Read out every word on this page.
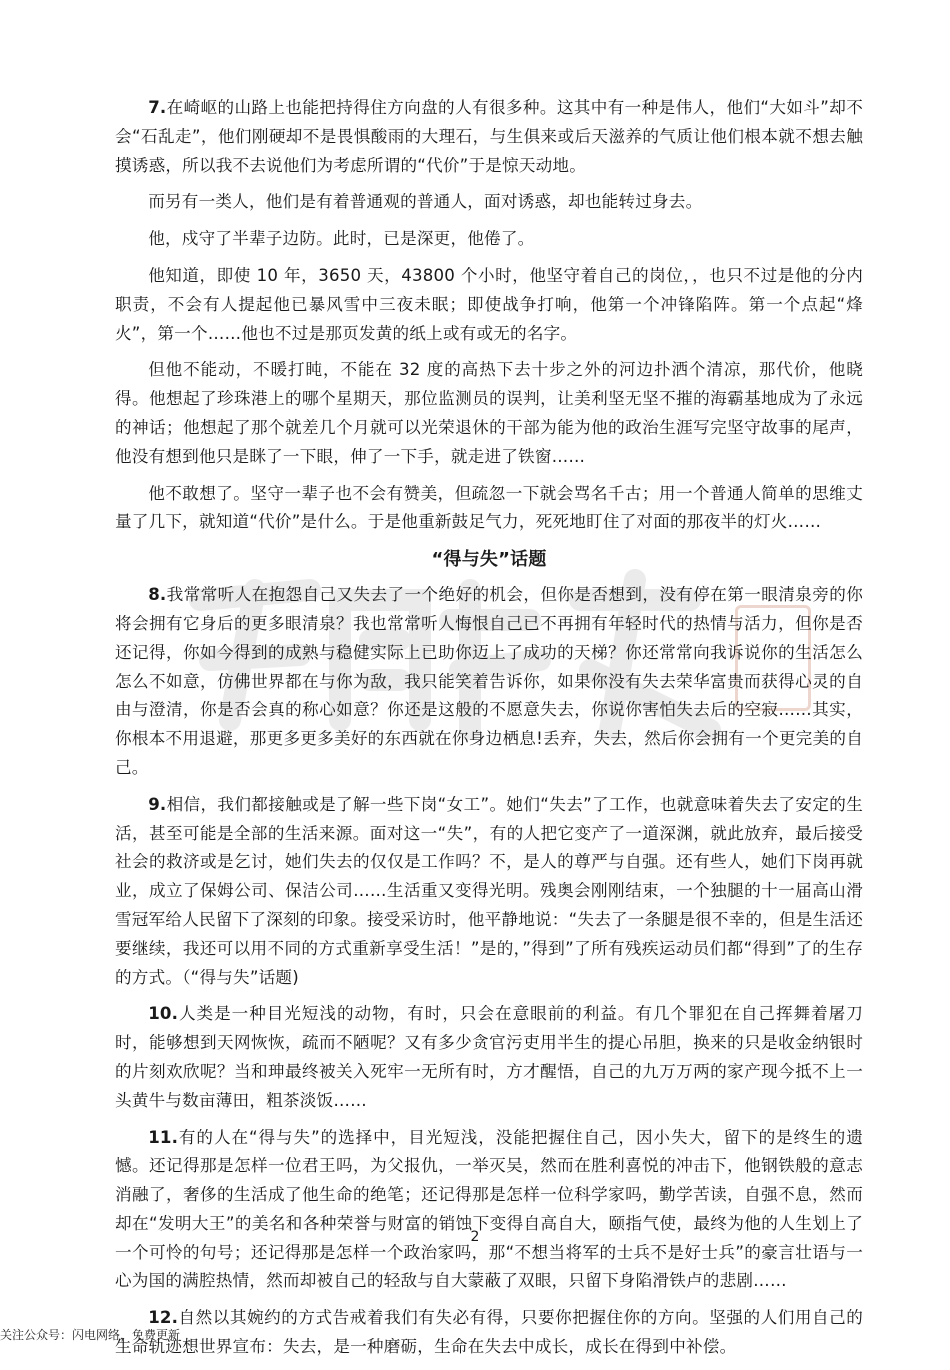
7.在崎岖的山路上也能把持得住方向盘的人有很多种。这其中有一种是伟人，他们“大如斗”却不会“石乱走”，他们刚硬却不是畏惧酸雨的大理石，与生俱来或后天滋养的气质让他们根本就不想去触摸诱惑，所以我不去说他们为考虑所谓的“代价”于是惊天动地。

而另有一类人，他们是有着普通观的普通人，面对诱惑，却也能转过身去。

他，戍守了半辈子边防。此时，已是深更，他倦了。

他知道，即使 10 年，3650 天，43800 个小时，他坚守着自己的岗位，，也只不过是他的分内职责，不会有人提起他已暴风雪中三夜未眠；即使战争打响，他第一个冲锋陷阵。第一个点起“烽火”，第一个……他也不过是那页发黄的纸上或有或无的名字。

但他不能动，不暖打盹，不能在 32 度的高热下去十步之外的河边扑洒个清凉，那代价，他晓得。他想起了珍珠港上的哪个星期天，那位监测员的误判，让美利坚无坚不摧的海霸基地成为了永远的神话；他想起了那个就差几个月就可以光荣退休的干部为能为他的政治生涯写完坚守故事的尾声，他没有想到他只是眯了一下眼，伸了一下手，就走进了铁窗……

他不敢想了。坚守一辈子也不会有赞美，但疏忽一下就会骂名千古；用一个普通人简单的思维丈量了几下，就知道“代价”是什么。于是他重新鼓足气力，死死地盯住了对面的那夜半的灯火……

“得与失”话题

8.我常常听人在抱怨自己又失去了一个绝好的机会，但你是否想到，没有停在第一眼清泉旁的你将会拥有它身后的更多眼清泉？我也常常听人悔恨自己已不再拥有年轻时代的热情与活力，但你是否还记得，你如今得到的成熟与稳健实际上已助你迈上了成功的天梯？你还常常向我诉说你的生活怎么怎么不如意，仿佛世界都在与你为敌，我只能笑着告诉你，如果你没有失去荣华富贵而获得心灵的自由与澄清，你是否会真的称心如意？你还是这般的不愿意失去，你说你害怕失去后的空寂……其实，你根本不用退避，那更多更多美好的东西就在你身边栖息!丢弃，失去，然后你会拥有一个更完美的自己。

9.相信，我们都接触或是了解一些下岗“女工”。她们“失去”了工作，也就意味着失去了安定的生活，甚至可能是全部的生活来源。面对这一“失”，有的人把它变产了一道深渊，就此放弃，最后接受社会的救济或是乞讨，她们失去的仅仅是工作吗？不，是人的尊严与自强。还有些人，她们下岗再就业，成立了保姆公司、保洁公司……生活重又变得光明。残奥会刚刚结束，一个独腿的十一届高山滑雪冠军给人民留下了深刻的印象。接受采访时，他平静地说：“失去了一条腿是很不幸的，但是生活还要继续，我还可以用不同的方式重新享受生活！”是的，”得到”了所有残疾运动员们都“得到”了的生存的方式。（“得与失”话题)

10.人类是一种目光短浅的动物，有时，只会在意眼前的利益。有几个罪犯在自己挥舞着屠刀时，能够想到天网恢恢，疏而不陋呢？又有多少贪官污吏用半生的提心吊胆，换来的只是收金纳银时的片刻欢欣呢？当和珅最终被关入死牢一无所有时，方才醒悟，自己的九万万两的家产现今抵不上一头黄牛与数亩薄田，粗茶淡饭……

11.有的人在“得与失”的选择中，目光短浅，没能把握住自己，因小失大，留下的是终生的遗憾。还记得那是怎样一位君王吗，为父报仇，一举灭吴，然而在胜利喜悦的冲击下，他钢铁般的意志消融了，奢侈的生活成了他生命的绝笔；还记得那是怎样一位科学家吗，勤学苦读，自强不息，然而却在“发明大王”的美名和各种荣誉与财富的销蚀下变得自高自大，颐指气使，最终为他的人生划上了一个可怜的句号；还记得那是怎样一个政治家吗，那“不想当将军的士兵不是好士兵”的豪言壮语与一心为国的满腔热情，然而却被自己的轻敌与自大蒙蔽了双眼，只留下身陷滑铁卢的悲剧……

12.自然以其婉约的方式告戒着我们有失必有得，只要你把握住你的方向。坚强的人们用自己的生命轨迹想世界宣布：失去，是一种磨砺，生命在失去中成长，成长在得到中补偿。

2
关注公众号：闪电网络，免费更新
